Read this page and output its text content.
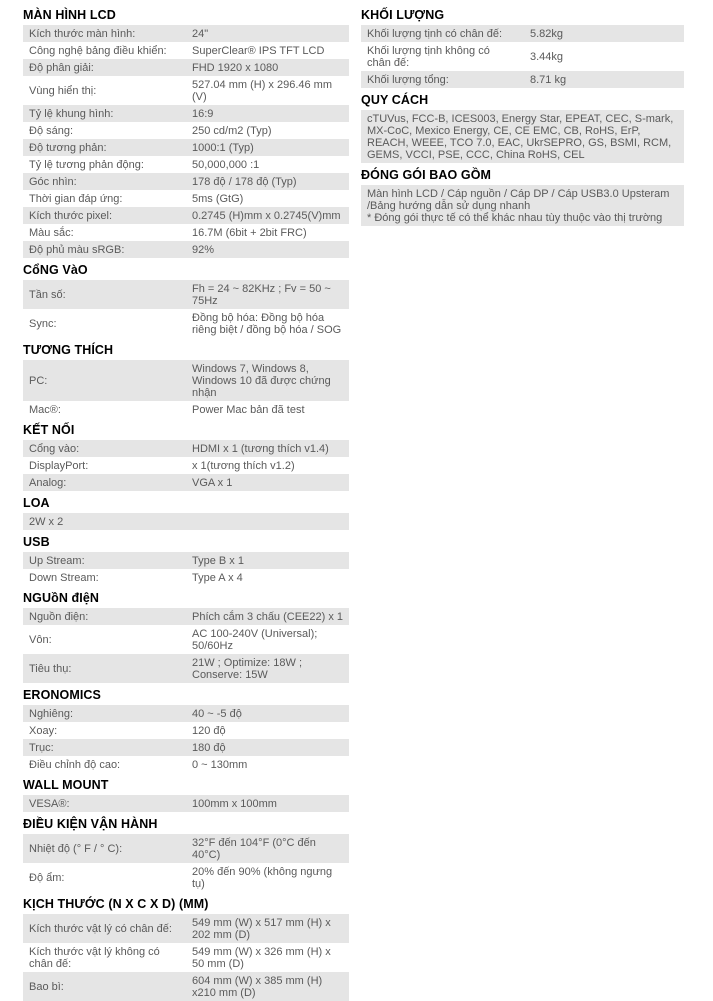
MÀN HÌNH LCD
Kích thước màn hình:	24"
Công nghệ bảng điều khiển:	SuperClear® IPS TFT LCD
Độ phân giải:	FHD 1920 x 1080
Vùng hiển thị:	527.04 mm (H) x 296.46 mm (V)
Tỷ lệ khung hình:	16:9
Độ sáng:	250 cd/m2 (Typ)
Độ tương phản:	1000:1 (Typ)
Tỷ lệ tương phản động:	50,000,000 :1
Góc nhìn:	178 độ / 178 độ (Typ)
Thời gian đáp ứng:	5ms (GtG)
Kích thước pixel:	0.2745 (H)mm x 0.2745(V)mm
Màu sắc:	16.7M (6bit + 2bit FRC)
Độ phủ màu sRGB:	92%
CổNG VàO
Tần số:	Fh = 24 ~ 82KHz ; Fv = 50 ~ 75Hz
Sync:	Đồng bộ hóa: Đồng bộ hóa riêng biệt / đồng bộ hóa / SOG
TƯƠNG THÍCH
PC:	Windows 7, Windows 8, Windows 10 đã được chứng nhận
Mac®:	Power Mac bản đã test
KẾT NỐI
Cổng vào:	HDMI x 1 (tương thích v1.4)
DisplayPort:	x 1(tương thích v1.2)
Analog:	VGA x 1
LOA
2W x 2
USB
Up Stream:	Type B x 1
Down Stream:	Type A x 4
NGUồN đIệN
Nguồn điện:	Phích cắm 3 chấu (CEE22) x 1
Vôn:	AC 100-240V (Universal); 50/60Hz
Tiêu thụ:	21W ; Optimize: 18W ; Conserve: 15W
ERONOMICS
Nghiêng:	40 ~ -5 độ
Xoay:	120 độ
Trục:	180 độ
Điều chỉnh độ cao:	0 ~ 130mm
WALL MOUNT
VESA®:	100mm x 100mm
ĐIỀU KIỆN VẬN HÀNH
Nhiệt độ (° F / ° C):	32°F đến 104°F (0°C đến 40°C)
Độ ẩm:	20% đến 90% (không ngưng tụ)
KỊCH THƯỚC (N X C X D) (MM)
Kích thước vật lý có chân đế:	549 mm (W) x 517 mm (H) x 202 mm (D)
Kích thước vật lý không có chân đế:	549 mm (W) x 326 mm (H) x 50 mm (D)
Bao bì:	604 mm (W) x 385 mm (H) x210 mm (D)
KHỐI LƯỢNG
Khối lượng tịnh có chân đế:	5.82kg
Khối lượng tịnh không có chân đế:	3.44kg
Khối lượng tổng:	8.71 kg
QUY CÁCH
cTUVus, FCC-B, ICES003, Energy Star, EPEAT, CEC, S-mark, MX-CoC, Mexico Energy, CE, CE EMC, CB, RoHS, ErP, REACH, WEEE, TCO 7.0, EAC, UkrSEPRO, GS, BSMI, RCM, GEMS, VCCI, PSE, CCC, China RoHS, CEL
ĐÓNG GÓI BAO GỒM
Màn hình LCD / Cáp nguồn / Cáp DP / Cáp USB3.0 Upsteram /Bảng hướng dẫn sử dụng nhanh
* Đóng gói thực tế có thể khác nhau tùy thuộc vào thị trường
